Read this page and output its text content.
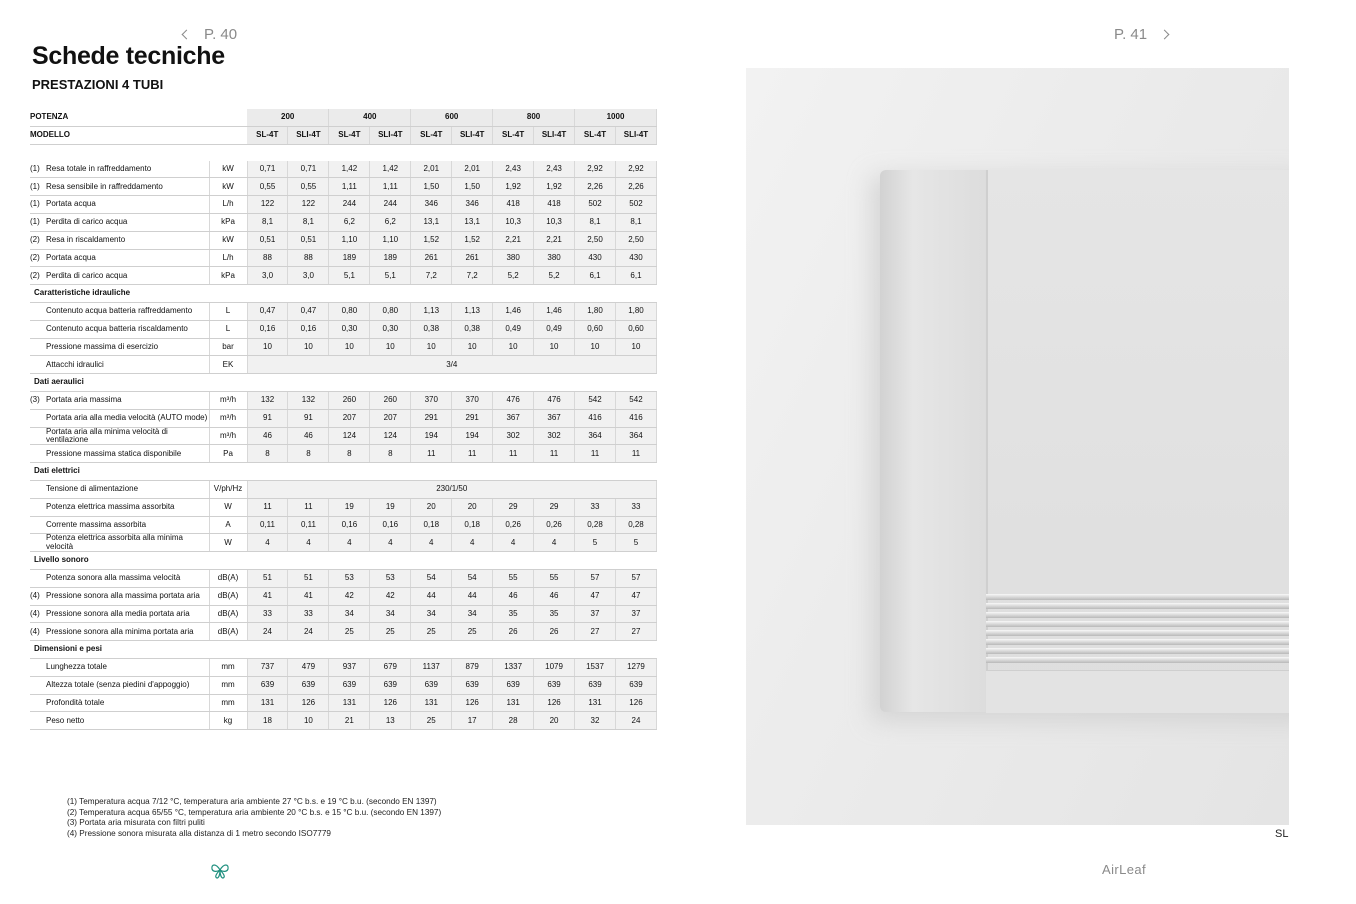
P. 40	P. 41
Schede tecniche
PRESTAZIONI 4 TUBI
POTENZA			200		400		600		800		1000	
MODELLO			SL-4T	SLI-4T	SL-4T	SLI-4T	SL-4T	SLI-4T	SL-4T	SLI-4T	SL-4T	SLI-4T

(1)	Resa totale in raffreddamento	kW	0,71	0,71	1,42	1,42	2,01	2,01	2,43	2,43	2,92	2,92
(1)	Resa sensibile in raffreddamento	kW	0,55	0,55	1,11	1,11	1,50	1,50	1,92	1,92	2,26	2,26
(1)	Portata acqua	L/h	122	122	244	244	346	346	418	418	502	502
(1)	Perdita di carico acqua	kPa	8,1	8,1	6,2	6,2	13,1	13,1	10,3	10,3	8,1	8,1
(2)	Resa in riscaldamento	kW	0,51	0,51	1,10	1,10	1,52	1,52	2,21	2,21	2,50	2,50
(2)	Portata acqua	L/h	88	88	189	189	261	261	380	380	430	430
(2)	Perdita di carico acqua	kPa	3,0	3,0	5,1	5,1	7,2	7,2	5,2	5,2	6,1	6,1
Caratteristiche idrauliche												
	Contenuto acqua batteria raffreddamento	L	0,47	0,47	0,80	0,80	1,13	1,13	1,46	1,46	1,80	1,80
	Contenuto acqua batteria riscaldamento	L	0,16	0,16	0,30	0,30	0,38	0,38	0,49	0,49	0,60	0,60
	Pressione massima di esercizio	bar	10	10	10	10	10	10	10	10	10	10
	Attacchi idraulici	EK	3/4									
Dati aeraulici												
(3)	Portata aria massima	m³/h	132	132	260	260	370	370	476	476	542	542
	Portata aria alla media velocità (AUTO mode)	m³/h	91	91	207	207	291	291	367	367	416	416
	Portata aria alla minima velocità di ventilazione	m³/h	46	46	124	124	194	194	302	302	364	364
	Pressione massima statica disponibile	Pa	8	8	8	8	11	11	11	11	11	11
Dati elettrici												
	Tensione di alimentazione	V/ph/Hz	230/1/50									
	Potenza elettrica massima assorbita	W	11	11	19	19	20	20	29	29	33	33
	Corrente massima assorbita	A	0,11	0,11	0,16	0,16	0,18	0,18	0,26	0,26	0,28	0,28
	Potenza elettrica assorbita alla minima velocità	W	4	4	4	4	4	4	4	4	5	5
Livello sonoro												
	Potenza sonora alla massima velocità	dB(A)	51	51	53	53	54	54	55	55	57	57
(4)	Pressione sonora alla massima portata aria	dB(A)	41	41	42	42	44	44	46	46	47	47
(4)	Pressione sonora alla media portata aria	dB(A)	33	33	34	34	34	34	35	35	37	37
(4)	Pressione sonora alla minima portata aria	dB(A)	24	24	25	25	25	25	26	26	27	27
Dimensioni e pesi												
	Lunghezza totale	mm	737	479	937	679	1137	879	1337	1079	1537	1279
	Altezza totale (senza piedini d'appoggio)	mm	639	639	639	639	639	639	639	639	639	639
	Profondità totale	mm	131	126	131	126	131	126	131	126	131	126
	Peso netto	kg	18	10	21	13	25	17	28	20	32	24
(1) Temperatura acqua 7/12 °C, temperatura aria ambiente 27 °C b.s. e 19 °C b.u. (secondo EN 1397)
(2) Temperatura acqua 65/55 °C, temperatura aria ambiente 20 °C b.s. e 15 °C b.u. (secondo EN 1397)
(3) Portata aria misurata con filtri puliti
(4) Pressione sonora misurata alla distanza di 1 metro secondo ISO7779	SL
AirLeaf
